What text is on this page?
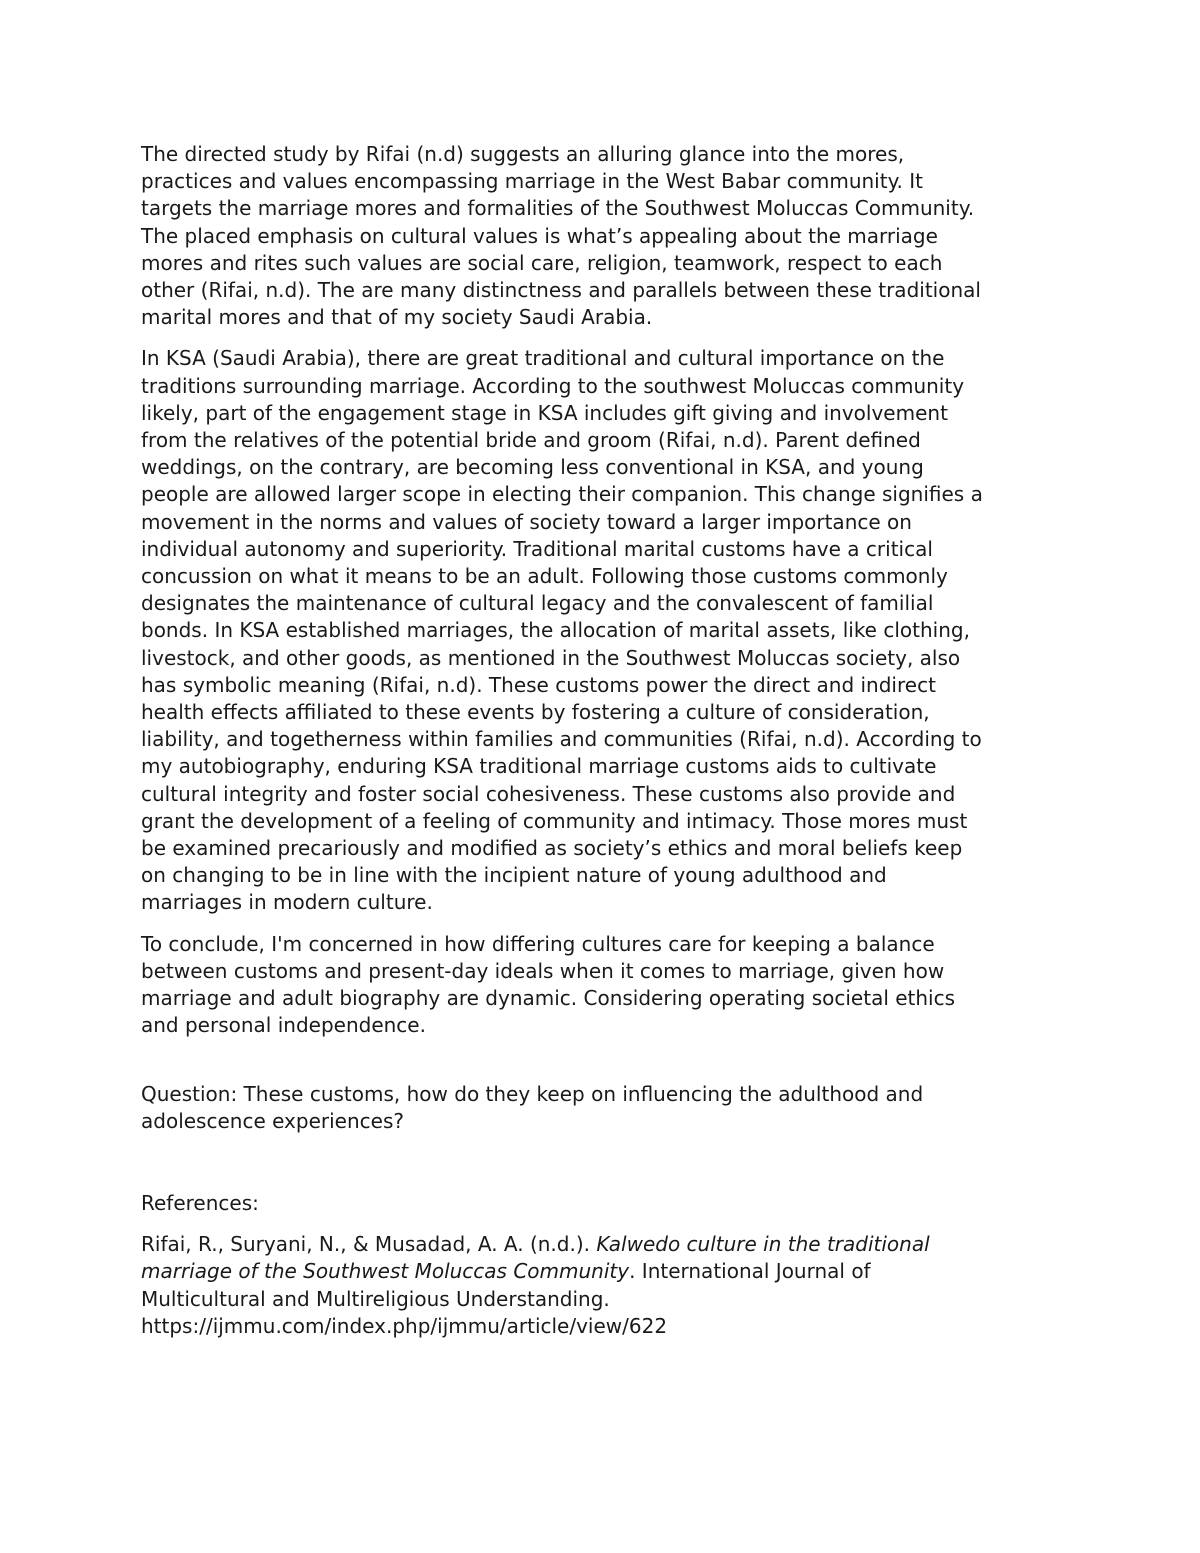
The directed study by Rifai (n.d) suggests an alluring glance into the mores,
practices and values encompassing marriage in the West Babar community. It
targets the marriage mores and formalities of the Southwest Moluccas Community.
The placed emphasis on cultural values is what’s appealing about the marriage
mores and rites such values are social care, religion, teamwork, respect to each
other (Rifai, n.d). The are many distinctness and parallels between these traditional
marital mores and that of my society Saudi Arabia.
In KSA (Saudi Arabia), there are great traditional and cultural importance on the
traditions surrounding marriage. According to the southwest Moluccas community
likely, part of the engagement stage in KSA includes gift giving and involvement
from the relatives of the potential bride and groom (Rifai, n.d). Parent defined
weddings, on the contrary, are becoming less conventional in KSA, and young
people are allowed larger scope in electing their companion. This change signifies a
movement in the norms and values of society toward a larger importance on
individual autonomy and superiority. Traditional marital customs have a critical
concussion on what it means to be an adult. Following those customs commonly
designates the maintenance of cultural legacy and the convalescent of familial
bonds. In KSA established marriages, the allocation of marital assets, like clothing,
livestock, and other goods, as mentioned in the Southwest Moluccas society, also
has symbolic meaning (Rifai, n.d). These customs power the direct and indirect
health effects affiliated to these events by fostering a culture of consideration,
liability, and togetherness within families and communities (Rifai, n.d). According to
my autobiography, enduring KSA traditional marriage customs aids to cultivate
cultural integrity and foster social cohesiveness. These customs also provide and
grant the development of a feeling of community and intimacy. Those mores must
be examined precariously and modified as society’s ethics and moral beliefs keep
on changing to be in line with the incipient nature of young adulthood and
marriages in modern culture.
To conclude, I'm concerned in how differing cultures care for keeping a balance
between customs and present-day ideals when it comes to marriage, given how
marriage and adult biography are dynamic. Considering operating societal ethics
and personal independence.
Question: These customs, how do they keep on influencing the adulthood and
adolescence experiences?
References:
Rifai, R., Suryani, N., & Musadad, A. A. (n.d.). Kalwedo culture in the traditional
marriage of the Southwest Moluccas Community. International Journal of
Multicultural and Multireligious Understanding.
https://ijmmu.com/index.php/ijmmu/article/view/622
